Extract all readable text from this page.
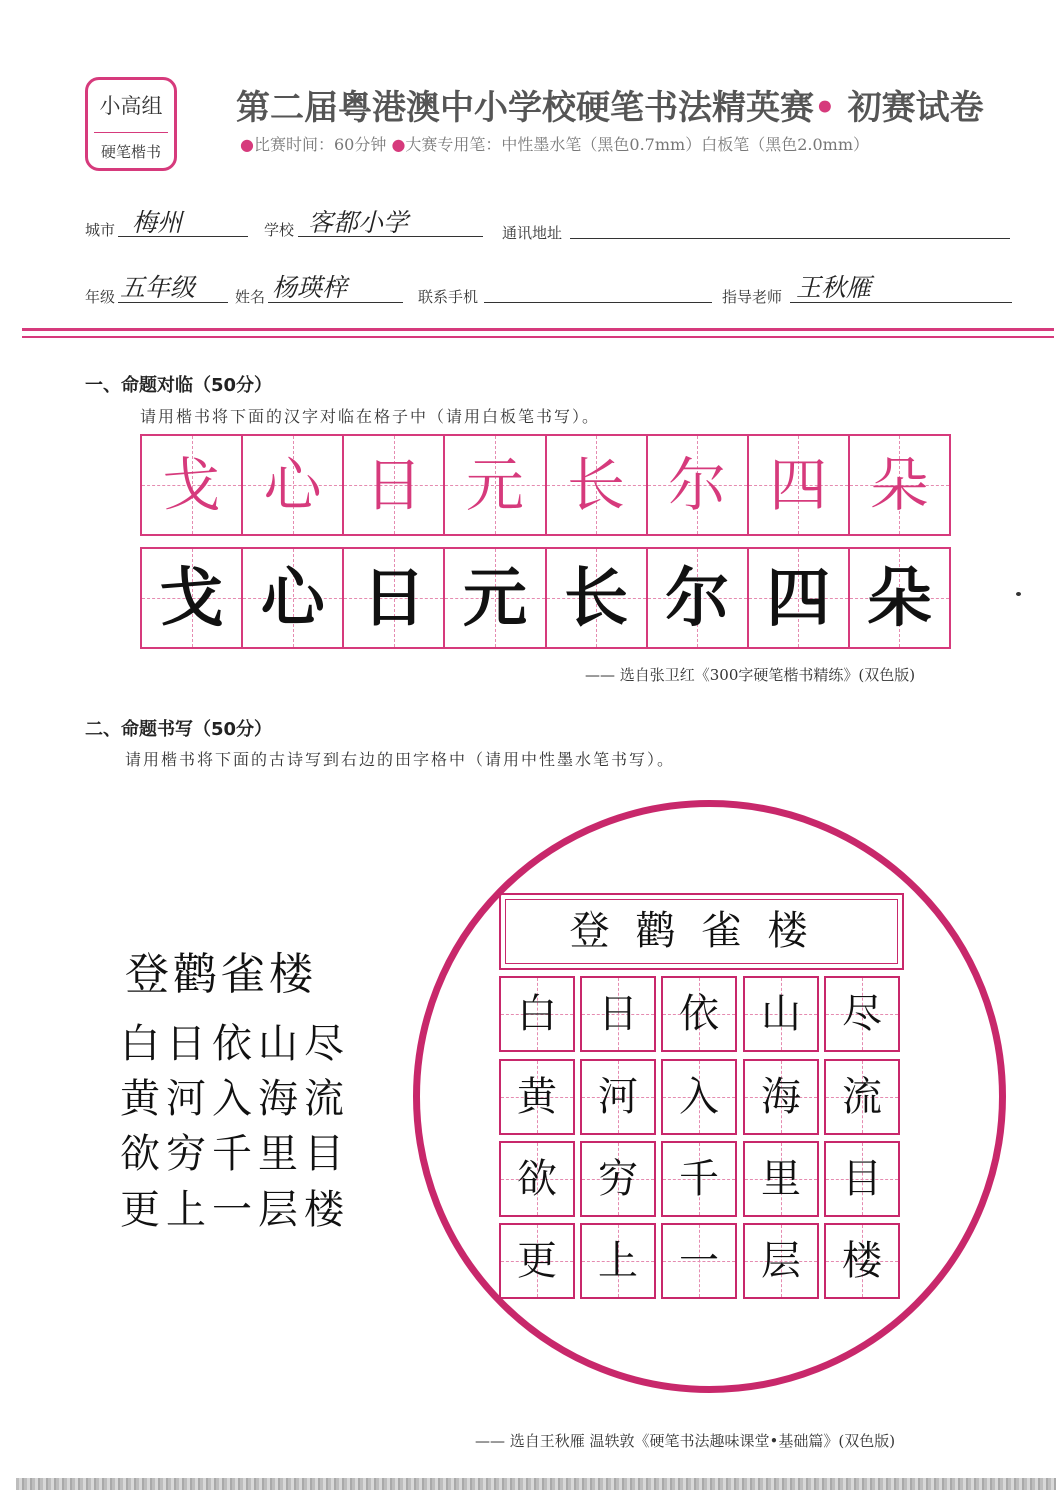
小高组
硬笔楷书
第二届粤港澳中小学校硬笔书法精英赛• 初赛试卷
●比赛时间：60分钟 ●大赛专用笔：中性墨水笔（黑色0.7mm）白板笔（黑色2.0mm）
城市 梅州	学校 客都小学	通讯地址
年级 五年级	姓名 杨瑛梓	联系手机	指导老师 王秋雁
一、命题对临（50分）
请用楷书将下面的汉字对临在格子中（请用白板笔书写）。
戈 心 日 元 长 尔 四 朵
戈 心 日 元 长 尔 四 朵
—— 选自张卫红《300字硬笔楷书精练》(双色版)
二、命题书写（50分）
请用楷书将下面的古诗写到右边的田字格中（请用中性墨水笔书写）。
登鹳雀楼
白日依山尽
黄河入海流
欲穷千里目
更上一层楼
登鹳雀楼
白	日	依	山	尽
黄	河	入	海	流
欲	穷	千	里	目
更	上	一	层	楼
—— 选自王秋雁 温轶敦《硬笔书法趣味课堂•基础篇》(双色版)
